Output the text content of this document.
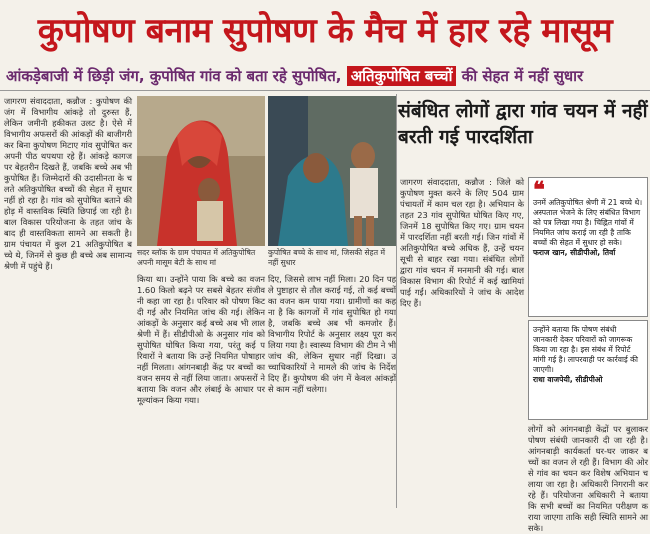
कुपोषण बनाम सुपोषण के मैच में हार रहे मासूम
आंकड़ेबाजी में छिड़ी जंग, कुपोषित गांव को बता रहे सुपोषित, अतिकुपोषित बच्चों की सेहत में नहीं सुधार
जागरण संवाददाता, कन्नौज : कुपोषण की जंग में विभागीय आंकड़े तो दुरुस्त हैं, लेकिन जमीनी हकीकत उलट है। ऐसे में विभागीय अफसरों की आंकड़ों की बाजीगरी कर बिना कुपोषण मिटाए गांव सुपोषित कर अपनी पीठ थपथपा रहे हैं। आंकड़े कागज पर बेहतरीन दिखते हैं, जबकि बच्चे अब भी कुपोषित हैं। जिम्मेदारों की उदासीनता के चलते अतिकुपोषित बच्चों की सेहत में सुधार नहीं हो रहा है। गांव को सुपोषित बताने की होड़ में वास्तविक स्थिति छिपाई जा रही है। बाल विकास परियोजना के तहत जांच के बाद ही वास्तविकता सामने आ सकती है। ग्राम पंचायत में कुल 21 अतिकुपोषित बच्चे थे, जिनमें से कुछ ही बच्चे अब सामान्य श्रेणी में पहुंचे हैं।
सदर ब्लॉक के ग्राम पंचायत में अतिकुपोषित अपनी मासूम बेटी के साथ मां
कुपोषित बच्चे के साथ मां, जिसकी सेहत में नहीं सुधार
किया था। उन्होंने पाया कि बच्चे का वजन 1.60 किलो बढ़ने पर सबसे बेहतर संजीवनी कहा जा रहा है। परिवार को पोषण किट दी गई और नियमित जांच की गई। लेकिन आंकड़ों के अनुसार कई बच्चे अब भी लाल श्रेणी में हैं। सीडीपीओ के अनुसार गांव को सुपोषित घोषित किया गया, परंतु कई परिवारों ने बताया कि उन्हें नियमित पोषाहार नहीं मिलता। आंगनबाड़ी केंद्र पर बच्चों का वजन समय से नहीं लिया जाता। अफसरों ने बताया कि वजन और लंबाई के आधार पर मूल्यांकन किया गया।
दिए, जिससे लाभ नहीं मिला। 20 दिन पहले पुष्टाहार से तौल कराई गई, तो कई बच्चों का वजन कम पाया गया। ग्रामीणों का कहना है कि कागजों में गांव सुपोषित हो गया है, जबकि बच्चे अब भी कमजोर हैं। विभागीय रिपोर्ट के अनुसार लक्ष्य पूरा कर लिया गया है। स्वास्थ्य विभाग की टीम ने भी जांच की, लेकिन सुधार नहीं दिखा। उच्चाधिकारियों ने मामले की जांच के निर्देश दिए हैं। कुपोषण की जंग में केवल आंकड़ों से काम नहीं चलेगा।
संबंधित लोगों द्वारा गांव चयन में नहीं बरती गई पारदर्शिता
जागरण संवाददाता, कन्नौज : जिले को कुपोषण मुक्त करने के लिए 504 ग्राम पंचायतों में काम चल रहा है। अभियान के तहत 23 गांव सुपोषित घोषित किए गए, जिनमें 18 सुपोषित किए गए। ग्राम चयन में पारदर्शिता नहीं बरती गई। जिन गांवों में अतिकुपोषित बच्चे अधिक हैं, उन्हें चयन सूची से बाहर रखा गया। संबंधित लोगों द्वारा गांव चयन में मनमानी की गई। बाल विकास विभाग की रिपोर्ट में कई खामियां पाई गईं। अधिकारियों ने जांच के आदेश दिए हैं।
❝
उनमें अतिकुपोषित श्रेणी में 21 बच्चे थे। अस्पताल भेजने के लिए संबंधित विभाग को पत्र लिखा गया है। चिह्नित गांवों में नियमित जांच कराई जा रही है ताकि बच्चों की सेहत में सुधार हो सके।
फराज खान, सीडीपीओ, तिर्वा
उन्होंने बताया कि पोषण संबंधी जानकारी देकर परिवारों को जागरूक किया जा रहा है। इस संबंध में रिपोर्ट मांगी गई है। लापरवाही पर कार्रवाई की जाएगी।
राधा वाजपेयी, सीडीपीओ
लोगों को आंगनबाड़ी केंद्रों पर बुलाकर पोषण संबंधी जानकारी दी जा रही है। आंगनबाड़ी कार्यकर्ता घर-घर जाकर बच्चों का वजन ले रही हैं। विभाग की ओर से गांव का चयन कर विशेष अभियान चलाया जा रहा है। अधिकारी निगरानी कर रहे हैं। परियोजना अधिकारी ने बताया कि सभी बच्चों का नियमित परीक्षण कराया जाएगा ताकि सही स्थिति सामने आ सके।
